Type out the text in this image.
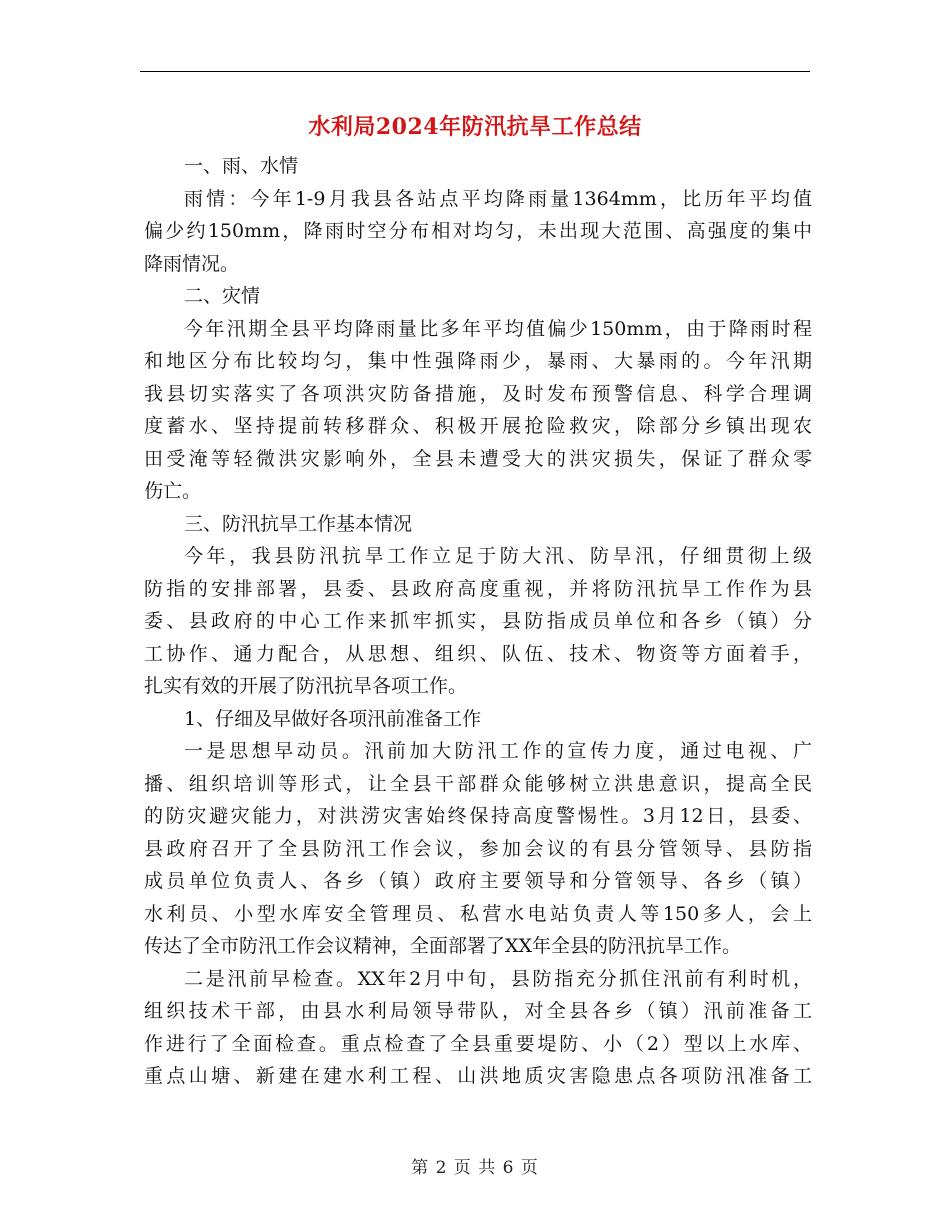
水利局2024年防汛抗旱工作总结
一、雨、水情
雨情：今年1-9月我县各站点平均降雨量1364mm，比历年平均值
偏少约150mm，降雨时空分布相对均匀，未出现大范围、高强度的集中
降雨情况。
二、灾情
今年汛期全县平均降雨量比多年平均值偏少150mm，由于降雨时程
和地区分布比较均匀，集中性强降雨少，暴雨、大暴雨的。今年汛期
我县切实落实了各项洪灾防备措施，及时发布预警信息、科学合理调
度蓄水、坚持提前转移群众、积极开展抢险救灾，除部分乡镇出现农
田受淹等轻微洪灾影响外，全县未遭受大的洪灾损失，保证了群众零
伤亡。
三、防汛抗旱工作基本情况
今年，我县防汛抗旱工作立足于防大汛、防旱汛，仔细贯彻上级
防指的安排部署，县委、县政府高度重视，并将防汛抗旱工作作为县
委、县政府的中心工作来抓牢抓实，县防指成员单位和各乡（镇）分
工协作、通力配合，从思想、组织、队伍、技术、物资等方面着手，
扎实有效的开展了防汛抗旱各项工作。
1、仔细及早做好各项汛前准备工作
一是思想早动员。汛前加大防汛工作的宣传力度，通过电视、广
播、组织培训等形式，让全县干部群众能够树立洪患意识，提高全民
的防灾避灾能力，对洪涝灾害始终保持高度警惕性。3月12日，县委、
县政府召开了全县防汛工作会议，参加会议的有县分管领导、县防指
成员单位负责人、各乡（镇）政府主要领导和分管领导、各乡（镇）
水利员、小型水库安全管理员、私营水电站负责人等150多人，会上
传达了全市防汛工作会议精神，全面部署了XX年全县的防汛抗旱工作。
二是汛前早检查。XX年2月中旬，县防指充分抓住汛前有利时机，
组织技术干部，由县水利局领导带队，对全县各乡（镇）汛前准备工
作进行了全面检查。重点检查了全县重要堤防、小（2）型以上水库、
重点山塘、新建在建水利工程、山洪地质灾害隐患点各项防汛准备工
第 2 页 共 6 页
